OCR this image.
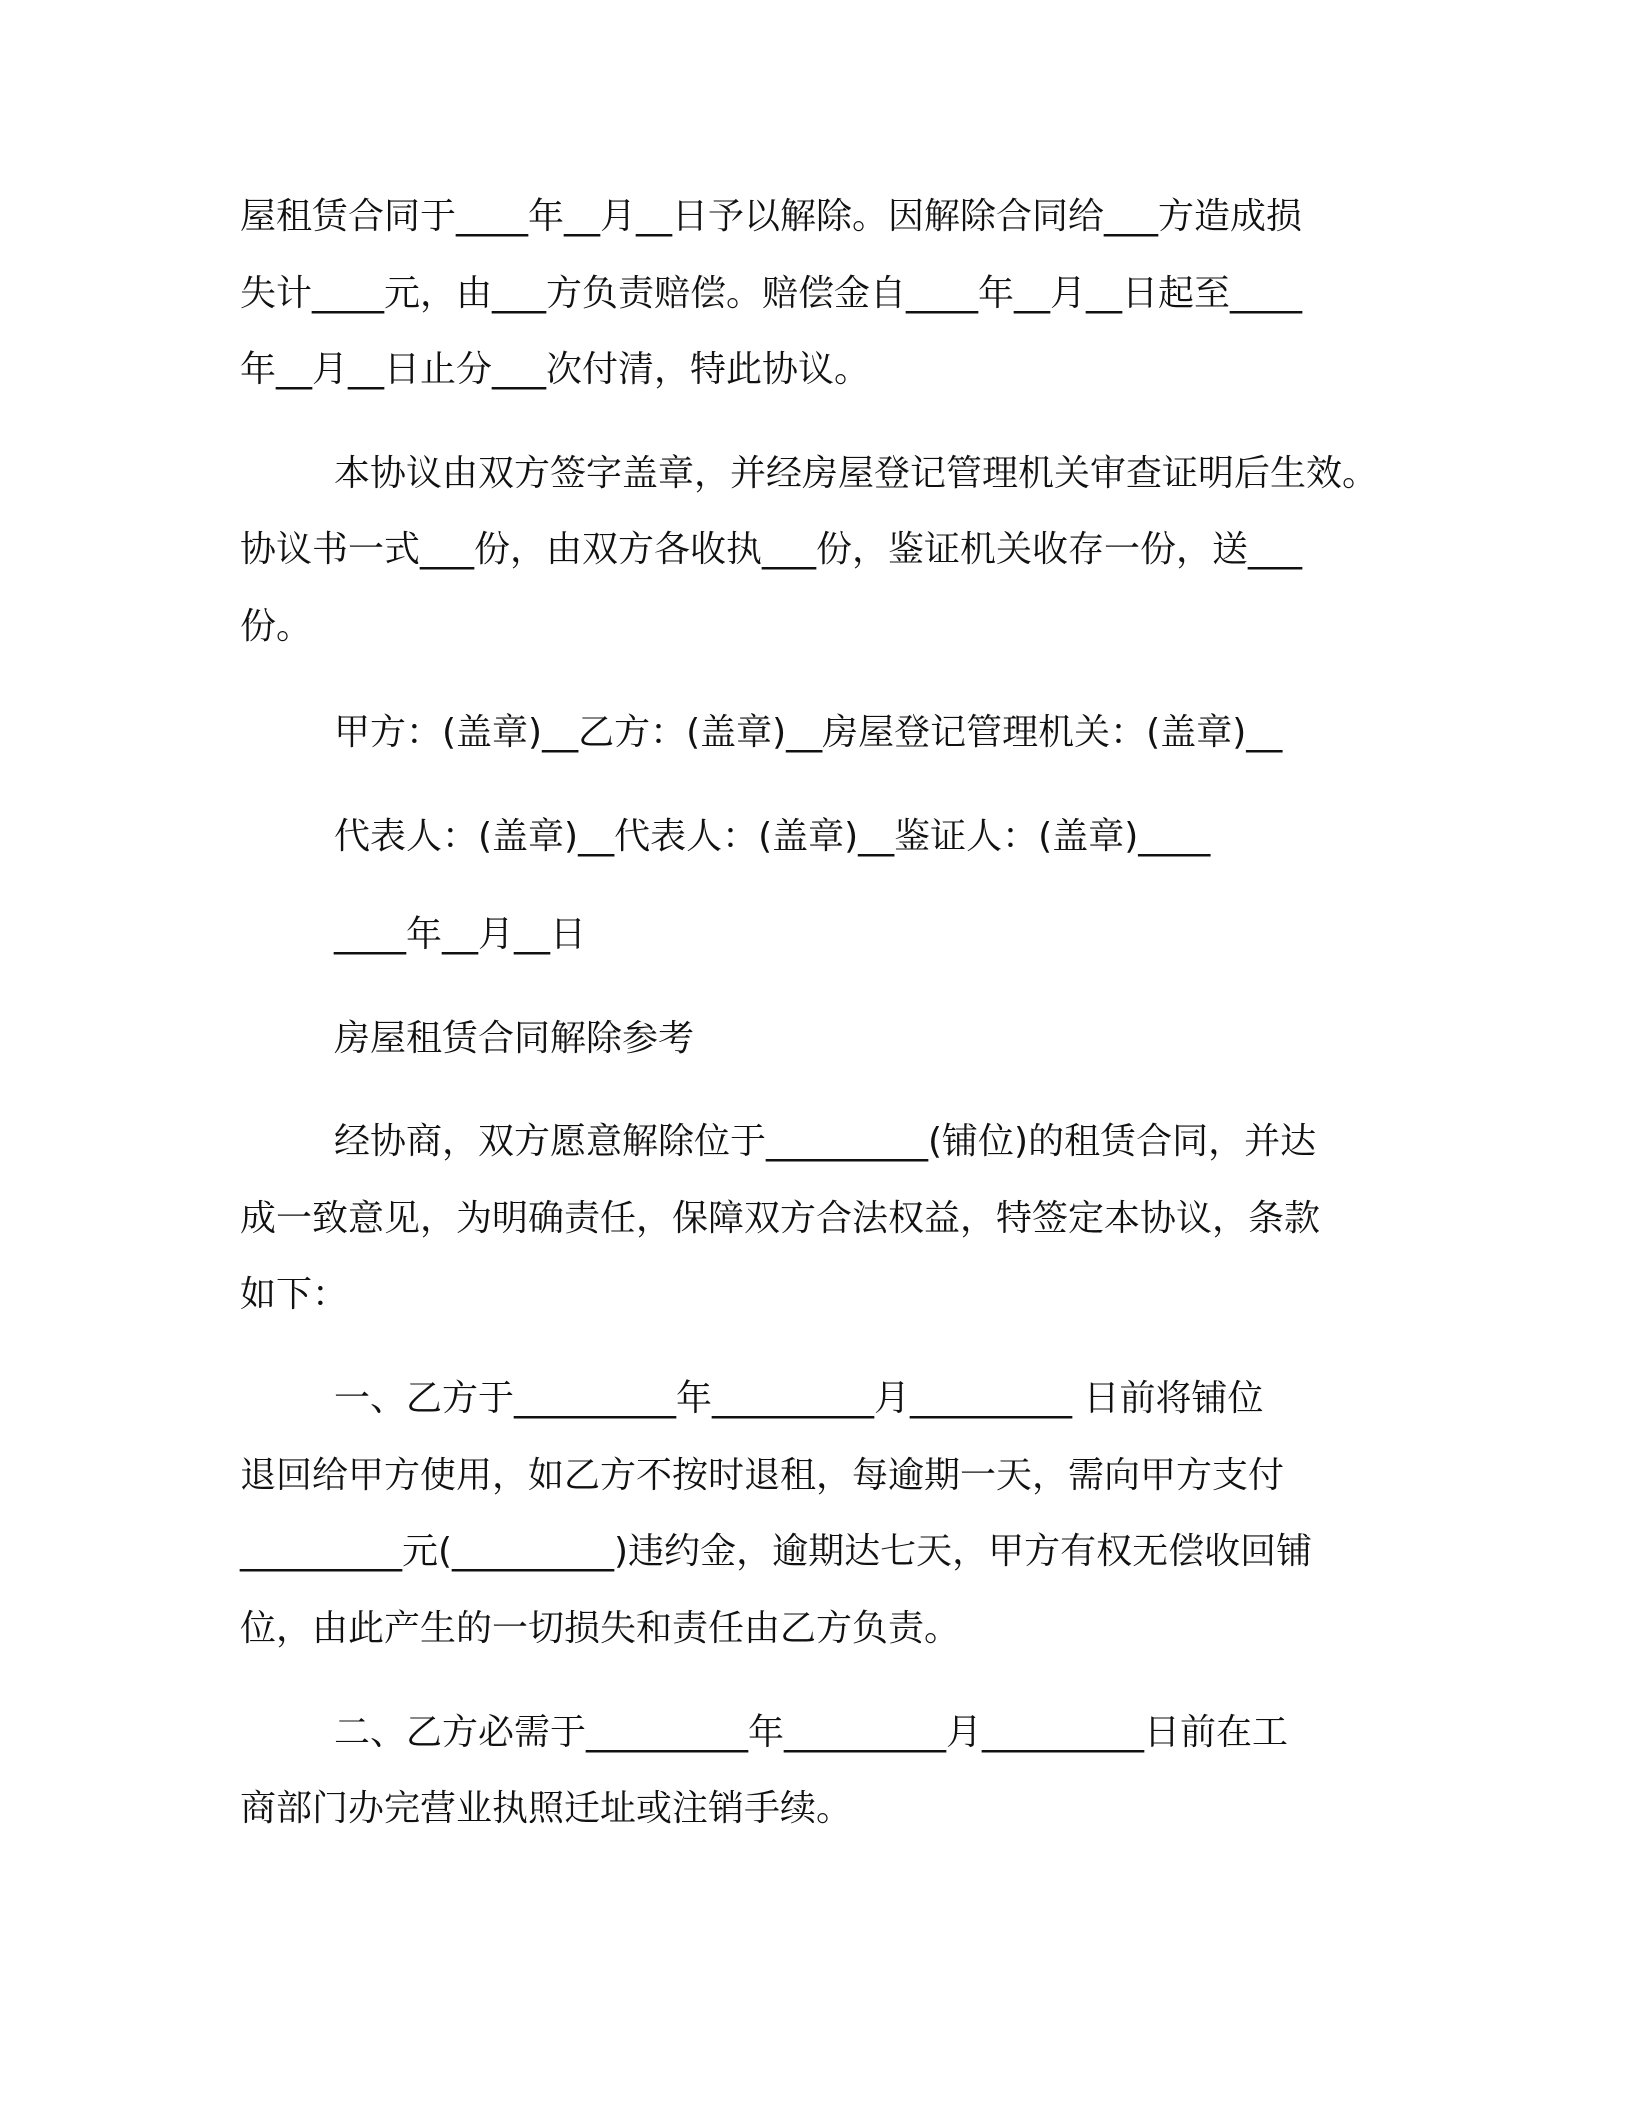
屋租赁合同于____年__月__日予以解除。因解除合同给___方造成损
失计____元，由___方负责赔偿。赔偿金自____年__月__日起至____
年__月__日止分___次付清，特此协议。
本协议由双方签字盖章，并经房屋登记管理机关审查证明后生效。
协议书一式___份，由双方各收执___份，鉴证机关收存一份，送___
份。
甲方：(盖章)__乙方：(盖章)__房屋登记管理机关：(盖章)__
代表人：(盖章)__代表人：(盖章)__鉴证人：(盖章)____
____年__月__日
房屋租赁合同解除参考
经协商，双方愿意解除位于_________(铺位)的租赁合同，并达
成一致意见，为明确责任，保障双方合法权益，特签定本协议，条款
如下：
一、乙方于_________年_________月_________ 日前将铺位
退回给甲方使用，如乙方不按时退租，每逾期一天，需向甲方支付
_________元(_________)违约金，逾期达七天，甲方有权无偿收回铺
位，由此产生的一切损失和责任由乙方负责。
二、乙方必需于_________年_________月_________日前在工
商部门办完营业执照迁址或注销手续。
